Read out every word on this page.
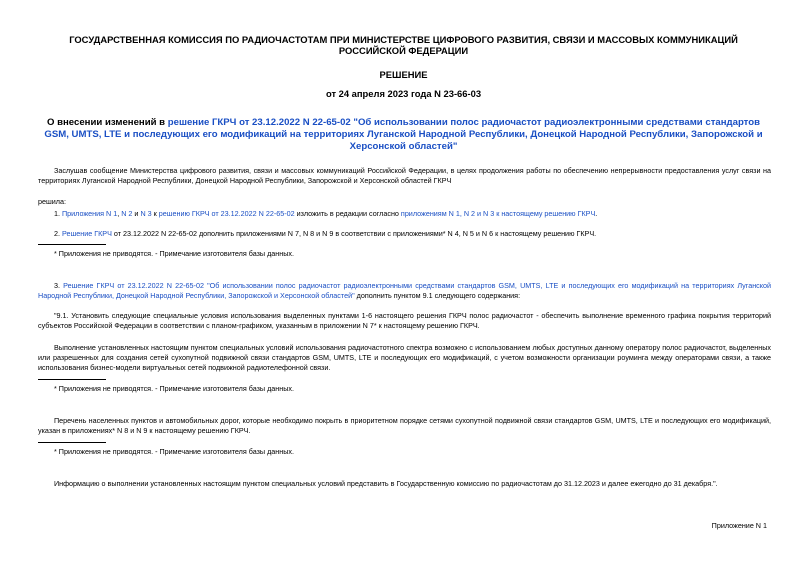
ГОСУДАРСТВЕННАЯ КОМИССИЯ ПО РАДИОЧАСТОТАМ ПРИ МИНИСТЕРСТВЕ ЦИФРОВОГО РАЗВИТИЯ, СВЯЗИ И МАССОВЫХ КОММУНИКАЦИЙ РОССИЙСКОЙ ФЕДЕРАЦИИ
РЕШЕНИЕ
от 24 апреля 2023 года N 23-66-03
О внесении изменений в решение ГКРЧ от 23.12.2022 N 22-65-02 "Об использовании полос радиочастот радиоэлектронными средствами стандартов GSM, UMTS, LTE и последующих его модификаций на территориях Луганской Народной Республики, Донецкой Народной Республики, Запорожской и Херсонской областей"
Заслушав сообщение Министерства цифрового развития, связи и массовых коммуникаций Российской Федерации, в целях продолжения работы по обеспечению непрерывности предоставления услуг связи на территориях Луганской Народной Республики, Донецкой Народной Республики, Запорожской и Херсонской областей ГКРЧ
решила:
1. Приложения N 1, N 2 и N 3 к решению ГКРЧ от 23.12.2022 N 22-65-02 изложить в редакции согласно приложениям N 1, N 2 и N 3 к настоящему решению ГКРЧ.
2. Решение ГКРЧ от 23.12.2022 N 22-65-02 дополнить приложениями N 7, N 8 и N 9 в соответствии с приложениями* N 4, N 5 и N 6 к настоящему решению ГКРЧ.
* Приложения не приводятся. - Примечание изготовителя базы данных.
3. Решение ГКРЧ от 23.12.2022 N 22-65-02 "Об использовании полос радиочастот радиоэлектронными средствами стандартов GSM, UMTS, LTE и последующих его модификаций на территориях Луганской Народной Республики, Донецкой Народной Республики, Запорожской и Херсонской областей" дополнить пунктом 9.1 следующего содержания:
"9.1. Установить следующие специальные условия использования выделенных пунктами 1-6 настоящего решения ГКРЧ полос радиочастот - обеспечить выполнение временного графика покрытия территорий субъектов Российской Федерации в соответствии с планом-графиком, указанным в приложении N 7* к настоящему решению ГКРЧ.
Выполнение установленных настоящим пунктом специальных условий использования радиочастотного спектра возможно с использованием любых доступных данному оператору полос радиочастот, выделенных или разрешенных для создания сетей сухопутной подвижной связи стандартов GSM, UMTS, LTE и последующих его модификаций, с учетом возможности организации роуминга между операторами связи, а также использования бизнес-модели виртуальных сетей подвижной радиотелефонной связи.
* Приложения не приводятся. - Примечание изготовителя базы данных.
Перечень населенных пунктов и автомобильных дорог, которые необходимо покрыть в приоритетном порядке сетями сухопутной подвижной связи стандартов GSM, UMTS, LTE и последующих его модификаций, указан в приложениях* N 8 и N 9 к настоящему решению ГКРЧ.
* Приложения не приводятся. - Примечание изготовителя базы данных.
Информацию о выполнении установленных настоящим пунктом специальных условий представить в Государственную комиссию по радиочастотам до 31.12.2023 и далее ежегодно до 31 декабря.".
Приложение N 1
